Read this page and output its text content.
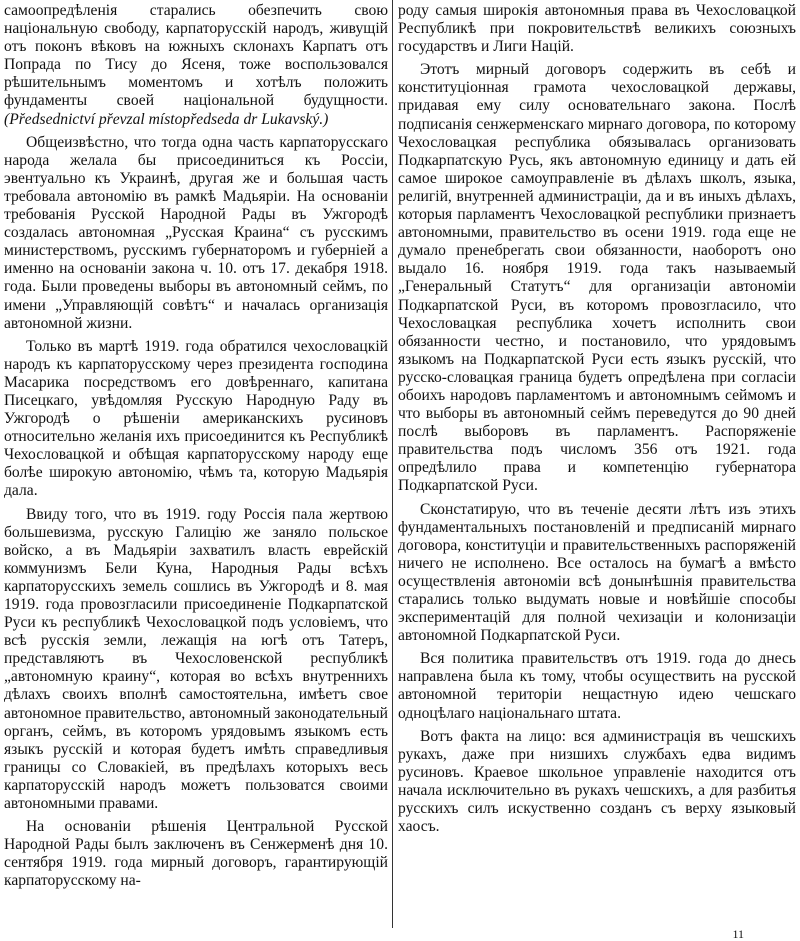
самоопредѣленія старались обезпечить свою національную свободу, карпаторусскій народъ, живущій отъ поконъ вѣковъ на южныхъ склонахъ Карпатъ отъ Попрада по Тису до Ясеня, тоже воспользовался рѣшительнымъ моментомъ и хотѣлъ положить фундаменты своей національной будущности. (Předsednictví převzal místopředseda dr Lukavský.)

Общеизвѣстно, что тогда одна часть карпаторусскаго народа желала бы присоединиться къ Россіи, эвентуально къ Украинѣ, другая же и большая часть требовала автономію въ рамкѣ Мадьяріи. На основаніи требованія Русской Народной Рады въ Ужгородѣ создалась автономная „Русская Краина“ съ русскимъ министерствомъ, русскимъ губернаторомъ и губерніей а именно на основаніи закона ч. 10. отъ 17. декабря 1918. года. Были проведены выборы въ автономный сеймъ, по имени „Управляющій совѣтъ“ и началась организація автономной жизни.

Только въ мартѣ 1919. года обратился чехословацкій народъ къ карпаторусскому через президента господина Масарика посредствомъ его довѣреннаго, капитана Писецкаго, увѣдомляя Русскую Народную Раду въ Ужгородѣ о рѣшеніи американскихъ русиновъ относительно желанія ихъ присоединится къ Республикѣ Чехословацкой и обѣщая карпаторусскому народу еще болѣе широкую автономію, чѣмъ та, которую Мадьярія дала.

Ввиду того, что въ 1919. году Россія пала жертвою большевизма, русскую Галицію же заняло польское войско, а въ Мадьяріи захватилъ власть еврейскій коммунизмъ Бели Куна, Народныя Рады всѣхъ карпаторусскихъ земель сошлись въ Ужгородѣ и 8. мая 1919. года провозгласили присоединеніе Подкарпатской Руси къ республикѣ Чехословацкой подъ условіемъ, что всѣ русскія земли, лежащія на югѣ отъ Татеръ, представляютъ въ Чехословенской республикѣ „автономную краину“, которая во всѣхъ внутреннихъ дѣлахъ своихъ вполнѣ самостоятельна, имѣетъ свое автономное правительство, автономный законодательный органъ, сеймъ, въ которомъ урядовымъ языкомъ есть языкъ русскій и которая будетъ имѣть справедливыя границы со Словакіей, въ предѣлахъ которыхъ весь карпаторусскій народъ можетъ пользоватся своими автономными правами.

На основаніи рѣшенія Центральной Русской Народной Рады былъ заключенъ въ Сенжерменѣ дня 10. сентября 1919. года мирный договоръ, гарантирующій карпаторусскому на-

роду самыя широкія автономныя права въ Чехословацкой Республикѣ при покровительствѣ великихъ союзныхъ государствъ и Лиги Націй.

Этотъ мирный договоръ содержить въ себѣ и конституціонная грамота чехословацкой державы, придавая ему силу основательнаго закона. Послѣ подписанія сенжерменскаго мирнаго договора, по которому Чехословацкая республика обязывалась организовать Подкарпатскую Русь, якъ автономную единицу и дать ей самое широкое самоуправленіе въ дѣлахъ школъ, языка, религій, внутренней администраціи, да и въ иныхъ дѣлахъ, которыя парламентъ Чехословацкой республики признаетъ автономными, правительство въ осени 1919. года еще не думало пренебрегать свои обязанности, наоборотъ оно выдало 16. ноября 1919. года такъ называемый „Генеральный Статутъ“ для организаціи автономіи Подкарпатской Руси, въ которомъ провозгласило, что Чехословацкая республика хочетъ исполнить свои обязанности честно, и постановило, что урядовымъ языкомъ на Подкарпатской Руси есть языкъ русскій, что русско-словацкая граница будетъ опредѣлена при согласіи обоихъ народовъ парламентомъ и автономнымъ сеймомъ и что выборы въ автономный сеймъ переведутся до 90 дней послѣ выборовъ въ парламентъ. Распоряженіе правительства подъ числомъ 356 отъ 1921. года опредѣлило права и компетенцію губернатора Подкарпатской Руси.

Сконстатирую, что въ теченіе десяти лѣтъ изъ этихъ фундаментальныхъ постановленій и предписаній мирнаго договора, конституціи и правительственныхъ распоряженій ничего не исполнено. Все осталось на бумагѣ а вмѣсто осуществленія автономіи всѣ донынѣшнія правительства старались только выдумать новые и новѣйшіе способы экспериментацій для полной чехизаціи и колонизаціи автономной Подкарпатской Руси.

Вся политика правительствъ отъ 1919. года до днесь направлена была къ тому, чтобы осуществить на русской автономной територіи нещастную идею чешскаго однoцѣлаго національнаго штата.

Вотъ факта на лицо: вся администрація въ чешскихъ рукахъ, даже при низшихъ службахъ едва видимъ русиновъ. Краевое школьное управленіе находится отъ начала исключительно въ рукахъ чешскихъ, а для разбитья русскихъ силъ искуственно созданъ съ верху языковый хаосъ.

11
